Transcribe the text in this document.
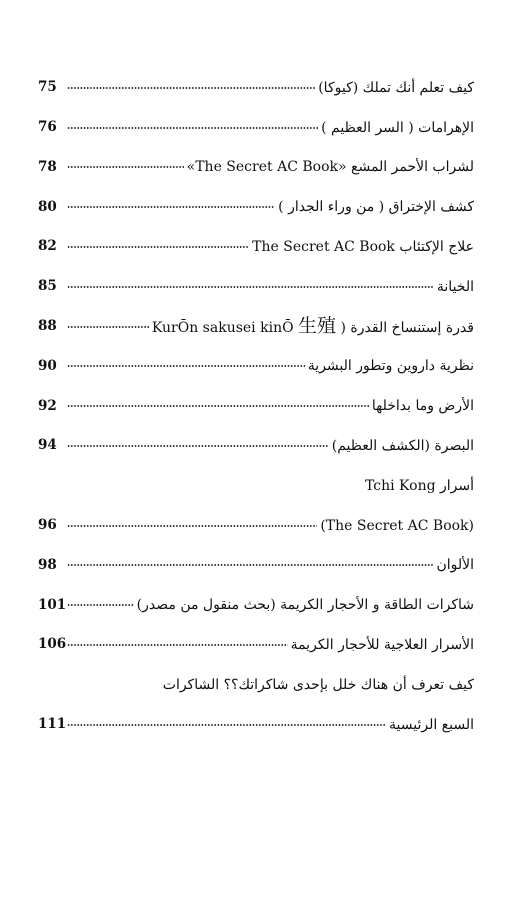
كيف تعلم أنك تملك (كيوكا)
75
الإهرامات ( السر العظيم )
76
لشراب الأحمر المشع «The Secret AC Book»
78
كشف الإختراق ( من وراء الجدار )
80
علاج الإكتئاب The Secret AC Book
82
الخيانة
85
KurŌn sakusei kinŌ 生殖 قدرة إستنساخ القدرة (
88
نظرية داروين وتطور البشرية
90
الأرض وما بداخلها
92
البصرة (الكشف العظيم)
94
أسرار Tchi Kong
(The Secret AC Book)
96
الألوان
98
شاكرات الطاقة و الأحجار الكريمة (بحث منقول من مصدر)
101
الأسرار العلاجية للأحجار الكريمة
106
كيف تعرف أن هناك خلل بإحدى شاكراتك؟؟ الشاكرات
السبع الرئيسية
111
